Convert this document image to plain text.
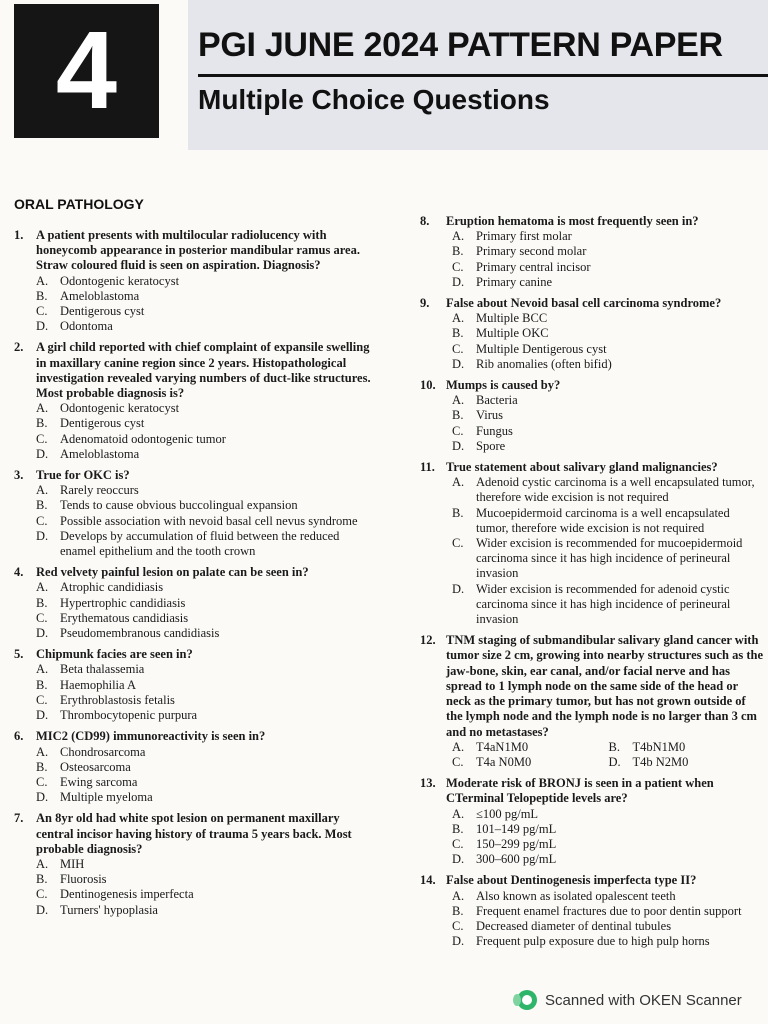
4	PGI JUNE 2024 PATTERN PAPER
Multiple Choice Questions
ORAL PATHOLOGY
1.	A patient presents with multilocular radiolucency with honeycomb appearance in posterior mandibular ramus area. Straw coloured fluid is seen on aspiration. Diagnosis?
A. Odontogenic keratocyst
B.	Ameloblastoma
C.	Dentigerous cyst
D. Odontoma
2.	A girl child reported with chief complaint of expansile swelling in maxillary canine region since 2 years. Histopathological investigation revealed varying numbers of duct-like structures. Most probable diagnosis is?
A. Odontogenic keratocyst
B.	Dentigerous cyst
C.	Adenomatoid odontogenic tumor
D. Ameloblastoma
3.	True for OKC is?
A. Rarely reoccurs
B.	Tends to cause obvious buccolingual expansion
C.	Possible association with nevoid basal cell nevus syndrome
D. Develops by accumulation of fluid between the reduced enamel epithelium and the tooth crown
4.	Red velvety painful lesion on palate can be seen in?
A. Atrophic candidiasis
B.	Hypertrophic candidiasis
C.	Erythematous candidiasis
D. Pseudomembranous candidiasis
5.	Chipmunk facies are seen in?
A. Beta thalassemia
B.	Haemophilia A
C.	Erythroblastosis fetalis
D. Thrombocytopenic purpura
6.	MIC2 (CD99) immunoreactivity is seen in?
A. Chondrosarcoma
B.	Osteosarcoma
C.	Ewing sarcoma
D. Multiple myeloma
7.	An 8yr old had white spot lesion on permanent maxillary central incisor having history of trauma 5 years back. Most probable diagnosis?
A. MIH
B.	Fluorosis
C.	Dentinogenesis imperfecta
D. Turners' hypoplasia
8.	Eruption hematoma is most frequently seen in?
A. Primary first molar
B.	Primary second molar
C.	Primary central incisor
D. Primary canine
9.	False about Nevoid basal cell carcinoma syndrome?
A. Multiple BCC
B.	Multiple OKC
C.	Multiple Dentigerous cyst
D. Rib anomalies (often bifid)
10. Mumps is caused by?
A. Bacteria
B.	Virus
C.	Fungus
D. Spore
11. True statement about salivary gland malignancies?
A. Adenoid cystic carcinoma is a well encapsulated tumor, therefore wide excision is not required
B.	Mucoepidermoid carcinoma is a well encapsulated tumor, therefore wide excision is not required
C.	Wider excision is recommended for mucoepidermoid carcinoma since it has high incidence of perineural invasion
D. Wider excision is recommended for adenoid cystic carcinoma since it has high incidence of perineural invasion
12. TNM staging of submandibular salivary gland cancer with tumor size 2 cm, growing into nearby structures such as the jaw-bone, skin, ear canal, and/or facial nerve and has spread to 1 lymph node on the same side of the head or neck as the primary tumor, but has not grown outside of the lymph node and the lymph node is no larger than 3 cm and no metastases?
A. T4aN1M0	B.	T4bN1M0
C.	T4a N0M0	D. T4b N2M0
13. Moderate risk of BRONJ is seen in a patient when CTerminal Telopeptide levels are?
A. ≤100 pg/mL
B.	101–149 pg/mL
C.	150–299 pg/mL
D. 300–600 pg/mL
14. False about Dentinogenesis imperfecta type II?
A. Also known as isolated opalescent teeth
B.	Frequent enamel fractures due to poor dentin support
C.	Decreased diameter of dentinal tubules
D. Frequent pulp exposure due to high pulp horns
Scanned with OKEN Scanner
